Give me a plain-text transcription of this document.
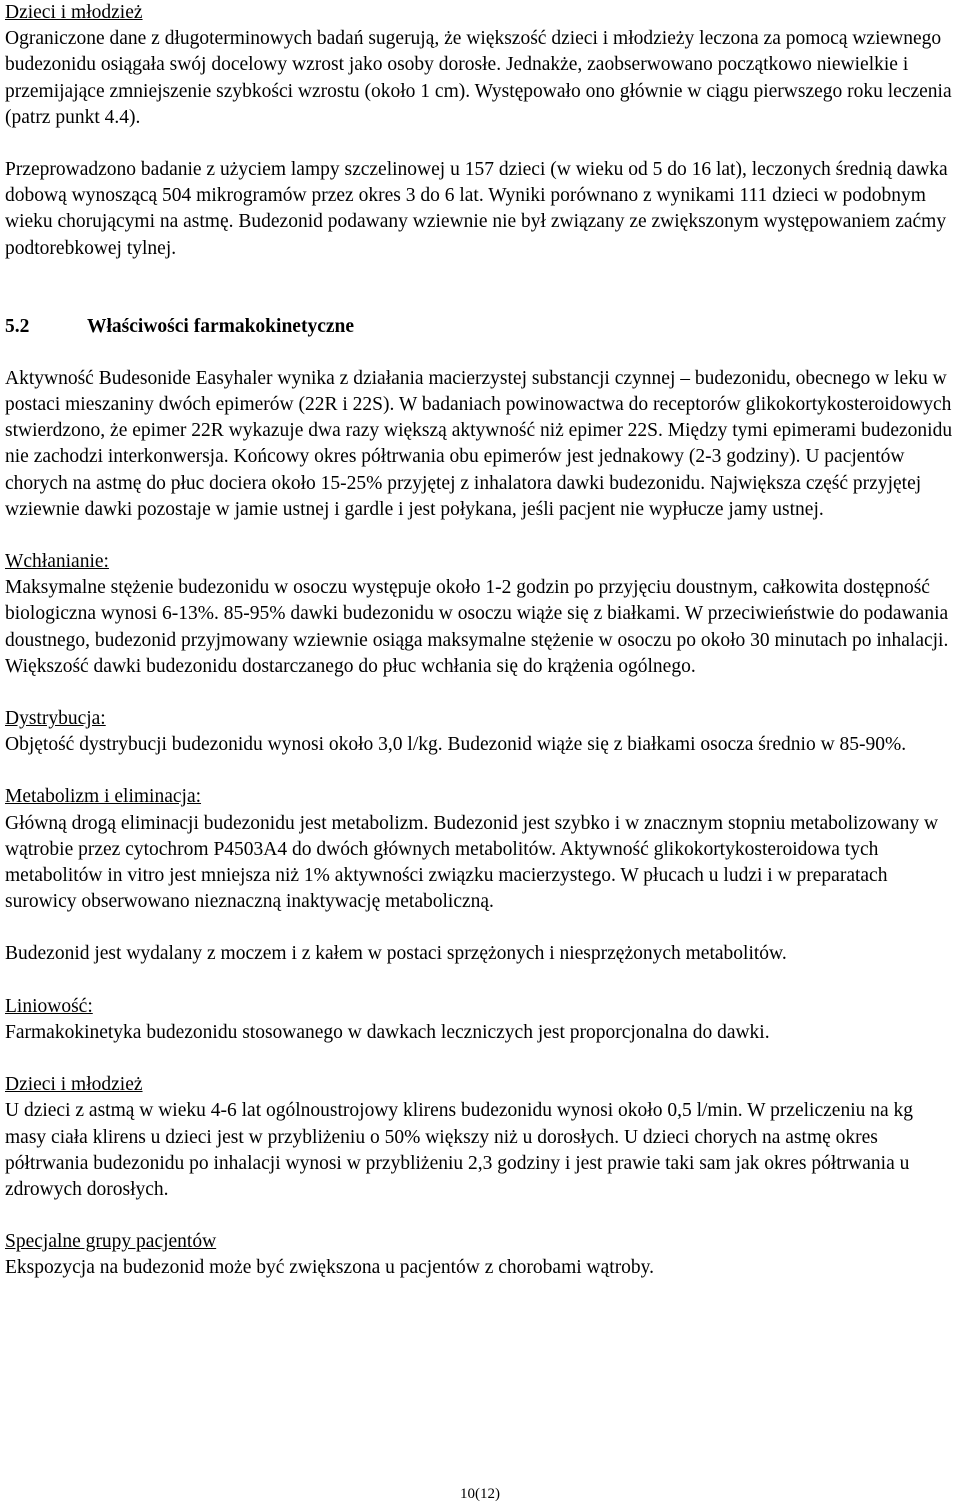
Dzieci i młodzież

Ograniczone dane z długoterminowych badań sugerują, że większość dzieci i młodzieży leczona za pomocą wziewnego budezonidu osiągała swój docelowy wzrost jako osoby dorosłe. Jednakże, zaobserwowano początkowo niewielkie i przemijające zmniejszenie szybkości wzrostu (około 1 cm). Występowało ono głównie w ciągu pierwszego roku leczenia (patrz punkt 4.4).

Przeprowadzono badanie z użyciem lampy szczelinowej u 157 dzieci (w wieku od 5 do 16 lat), leczonych średnią dawka dobową wynoszącą 504 mikrogramów przez okres 3 do 6 lat. Wyniki porównano z wynikami 111 dzieci w podobnym wieku chorującymi na astmę. Budezonid podawany wziewnie nie był związany ze zwiększonym występowaniem zaćmy podtorebkowej tylnej.

5.2	Właściwości farmakokinetyczne

Aktywność Budesonide Easyhaler wynika z działania macierzystej substancji czynnej – budezonidu, obecnego w leku w postaci mieszaniny dwóch epimerów (22R i 22S). W badaniach powinowactwa do receptorów glikokortykosteroidowych stwierdzono, że epimer 22R wykazuje dwa razy większą aktywność niż epimer 22S. Między tymi epimerami budezonidu nie zachodzi interkonwersja. Końcowy okres półtrwania obu epimerów jest jednakowy (2-3 godziny). U pacjentów chorych na astmę do płuc dociera około 15-25% przyjętej z inhalatora dawki budezonidu. Największa część przyjętej wziewnie dawki pozostaje w jamie ustnej i gardle i jest połykana, jeśli pacjent nie wypłucze jamy ustnej.

Wchłanianie:

Maksymalne stężenie budezonidu w osoczu występuje około 1-2 godzin po przyjęciu doustnym, całkowita dostępność biologiczna wynosi 6-13%. 85-95% dawki budezonidu w osoczu wiąże się z białkami. W przeciwieństwie do podawania doustnego, budezonid przyjmowany wziewnie osiąga maksymalne stężenie w osoczu po około 30 minutach po inhalacji. Większość dawki budezonidu dostarczanego do płuc wchłania się do krążenia ogólnego.

Dystrybucja:

Objętość dystrybucji budezonidu wynosi około 3,0 l/kg. Budezonid wiąże się z białkami osocza średnio w 85-90%.

Metabolizm i eliminacja:

Główną drogą eliminacji budezonidu jest metabolizm. Budezonid jest szybko i w znacznym stopniu metabolizowany w wątrobie przez cytochrom P4503A4 do dwóch głównych metabolitów. Aktywność glikokortykosteroidowa tych metabolitów in vitro jest mniejsza niż 1% aktywności związku macierzystego. W płucach u ludzi i w preparatach surowicy obserwowano nieznaczną inaktywację metaboliczną.

Budezonid jest wydalany z moczem i z kałem w postaci sprzężonych i niesprzężonych metabolitów.

Liniowość:

Farmakokinetyka budezonidu stosowanego w dawkach leczniczych jest proporcjonalna do dawki.

Dzieci i młodzież

U dzieci z astmą w wieku 4-6 lat ogólnoustrojowy klirens budezonidu wynosi około 0,5 l/min. W przeliczeniu na kg masy ciała klirens u dzieci jest w przybliżeniu o 50% większy niż u dorosłych. U dzieci chorych na astmę okres półtrwania budezonidu po inhalacji wynosi w przybliżeniu 2,3 godziny i jest prawie taki sam jak okres półtrwania u zdrowych dorosłych.

Specjalne grupy pacjentów

Ekspozycja na budezonid może być zwiększona u pacjentów z chorobami wątroby.

10(12)
